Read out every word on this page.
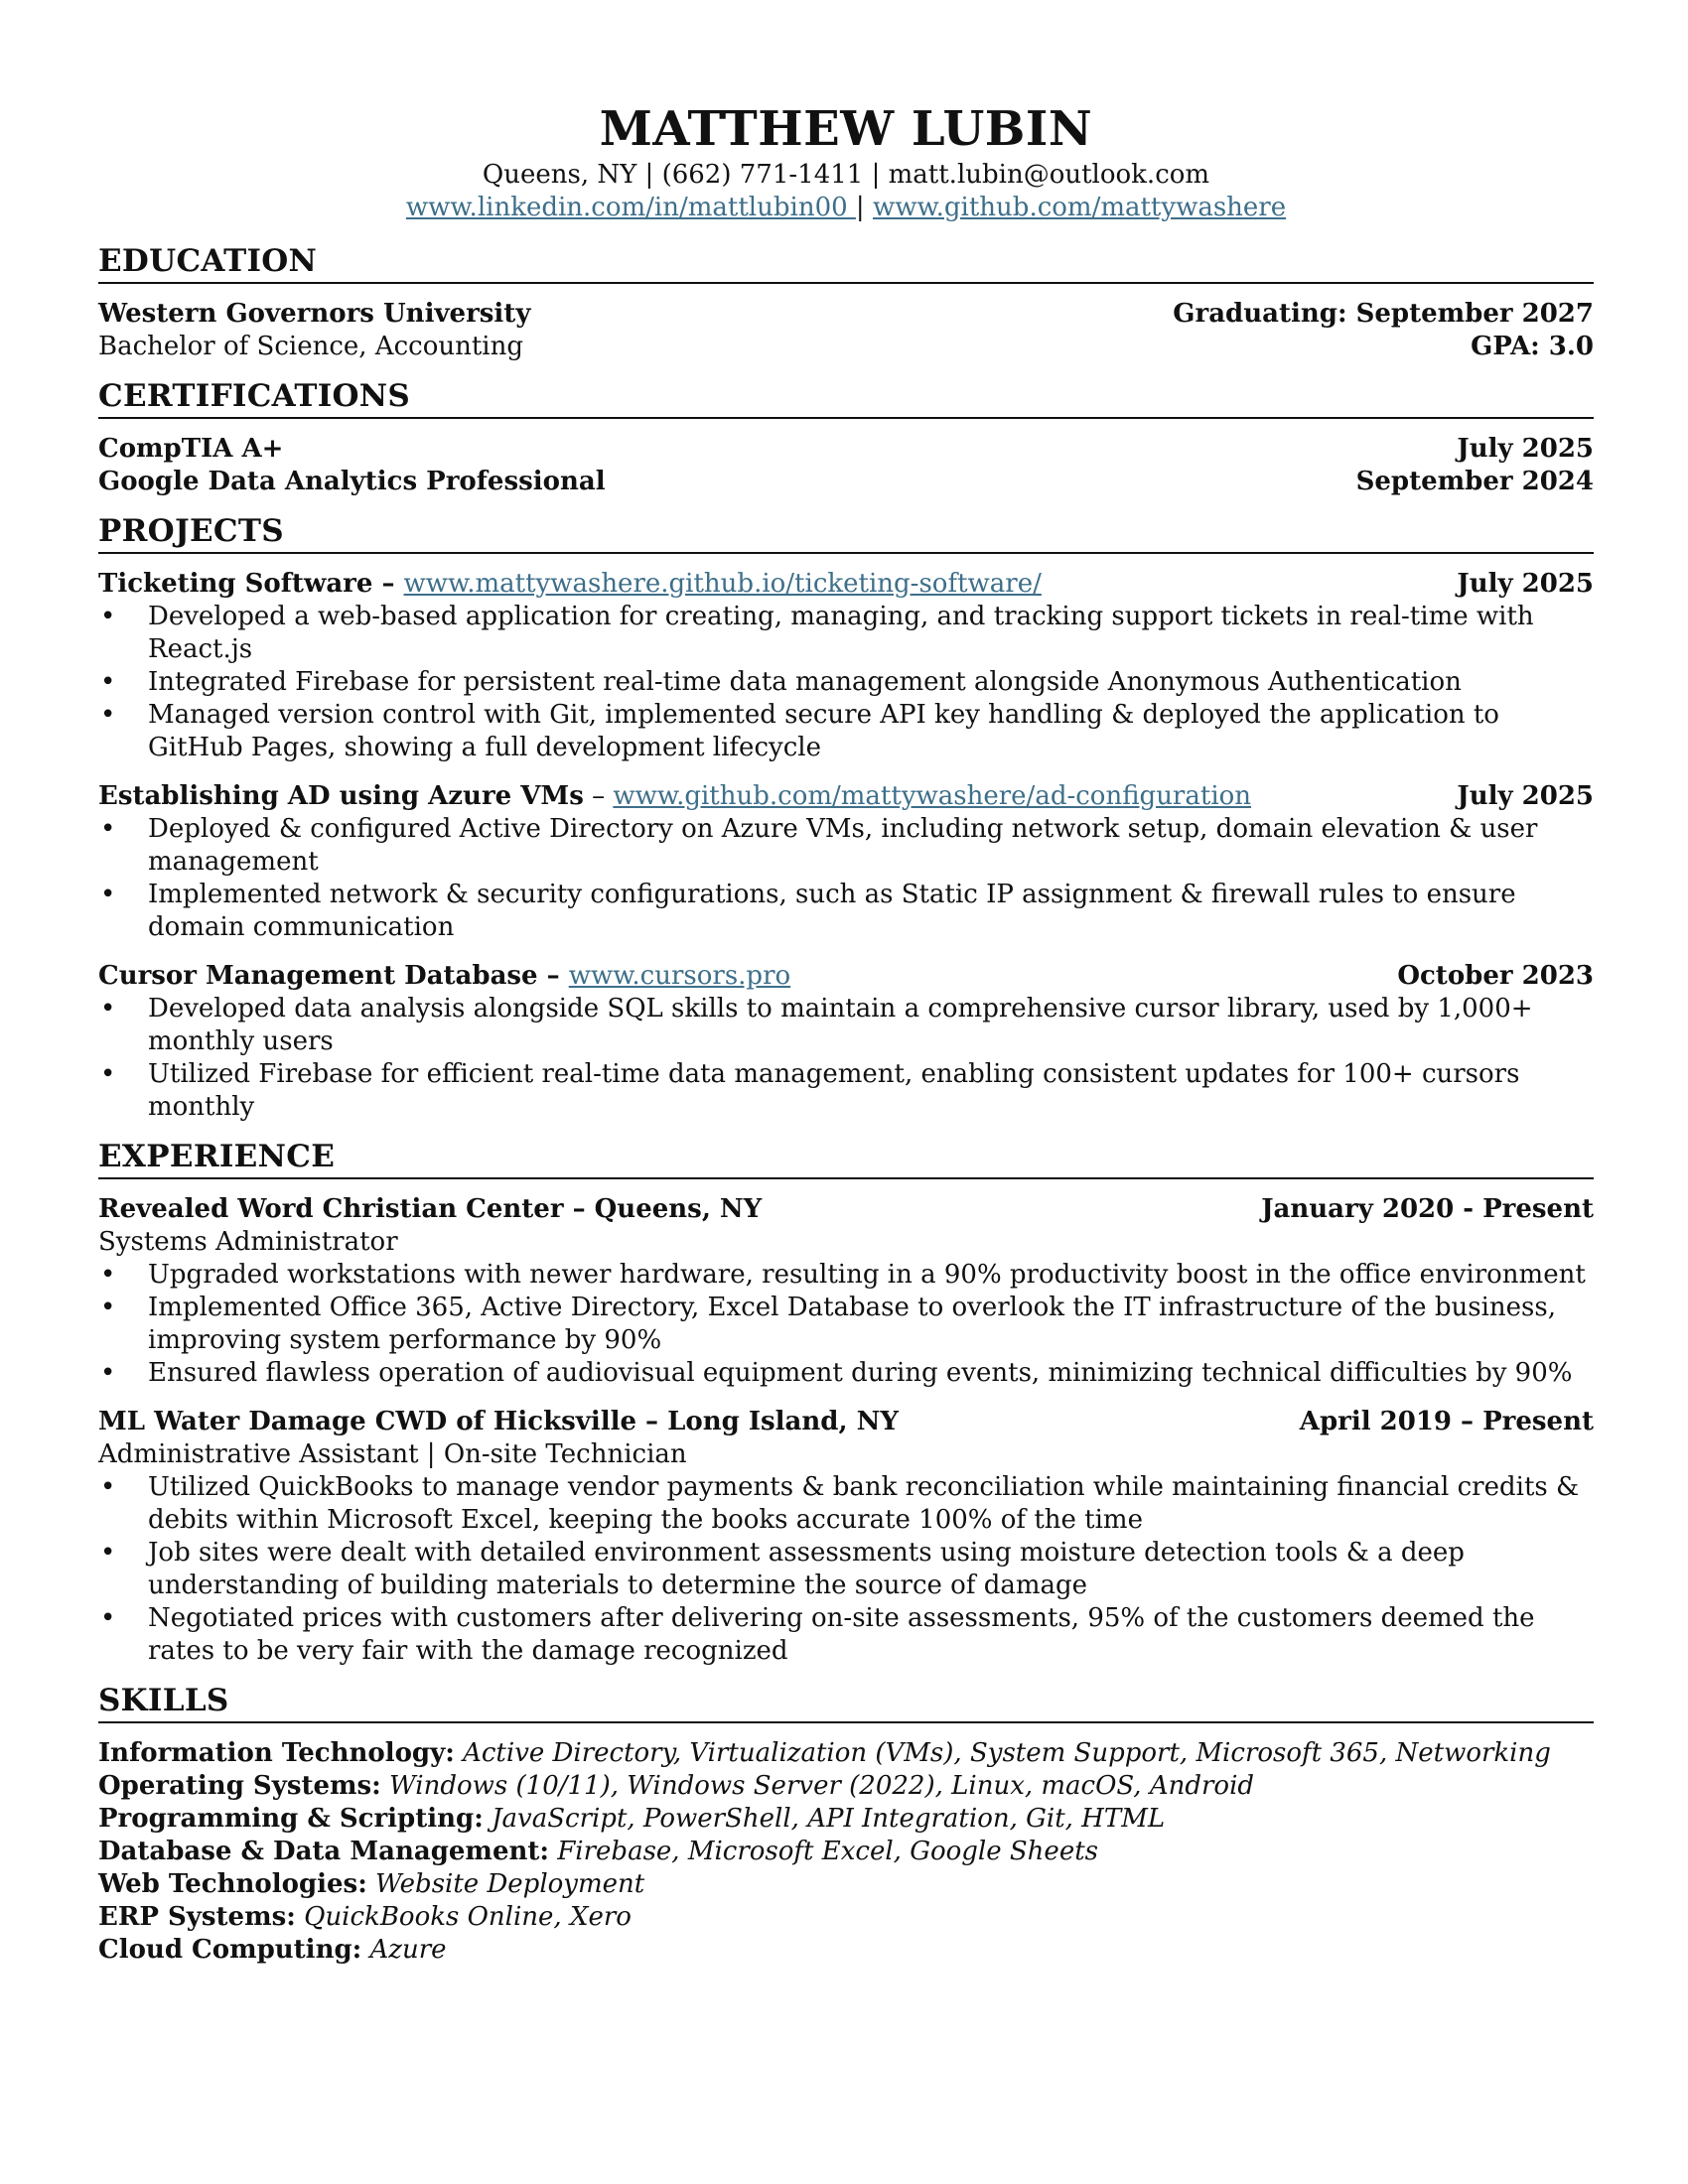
MATTHEW LUBIN
Queens, NY | (662) 771-1411 | matt.lubin@outlook.com
www.linkedin.com/in/mattlubin00 | www.github.com/mattywashere
EDUCATION
Western Governors University	Graduating: September 2027
Bachelor of Science, Accounting	GPA: 3.0
CERTIFICATIONS
CompTIA A+	July 2025
Google Data Analytics Professional	September 2024
PROJECTS
Ticketing Software – www.mattywashere.github.io/ticketing-software/	July 2025
• Developed a web-based application for creating, managing, and tracking support tickets in real-time with React.js
• Integrated Firebase for persistent real-time data management alongside Anonymous Authentication
• Managed version control with Git, implemented secure API key handling & deployed the application to GitHub Pages, showing a full development lifecycle
Establishing AD using Azure VMs – www.github.com/mattywashere/ad-configuration	July 2025
• Deployed & configured Active Directory on Azure VMs, including network setup, domain elevation & user management
• Implemented network & security configurations, such as Static IP assignment & firewall rules to ensure domain communication
Cursor Management Database – www.cursors.pro	October 2023
• Developed data analysis alongside SQL skills to maintain a comprehensive cursor library, used by 1,000+ monthly users
• Utilized Firebase for efficient real-time data management, enabling consistent updates for 100+ cursors monthly
EXPERIENCE
Revealed Word Christian Center – Queens, NY	January 2020 - Present
Systems Administrator
• Upgraded workstations with newer hardware, resulting in a 90% productivity boost in the office environment
• Implemented Office 365, Active Directory, Excel Database to overlook the IT infrastructure of the business, improving system performance by 90%
• Ensured flawless operation of audiovisual equipment during events, minimizing technical difficulties by 90%
ML Water Damage CWD of Hicksville – Long Island, NY	April 2019 – Present
Administrative Assistant | On-site Technician
• Utilized QuickBooks to manage vendor payments & bank reconciliation while maintaining financial credits & debits within Microsoft Excel, keeping the books accurate 100% of the time
• Job sites were dealt with detailed environment assessments using moisture detection tools & a deep understanding of building materials to determine the source of damage
• Negotiated prices with customers after delivering on-site assessments, 95% of the customers deemed the rates to be very fair with the damage recognized
SKILLS
Information Technology: Active Directory, Virtualization (VMs), System Support, Microsoft 365, Networking
Operating Systems: Windows (10/11), Windows Server (2022), Linux, macOS, Android
Programming & Scripting: JavaScript, PowerShell, API Integration, Git, HTML
Database & Data Management: Firebase, Microsoft Excel, Google Sheets
Web Technologies: Website Deployment
ERP Systems: QuickBooks Online, Xero
Cloud Computing: Azure
